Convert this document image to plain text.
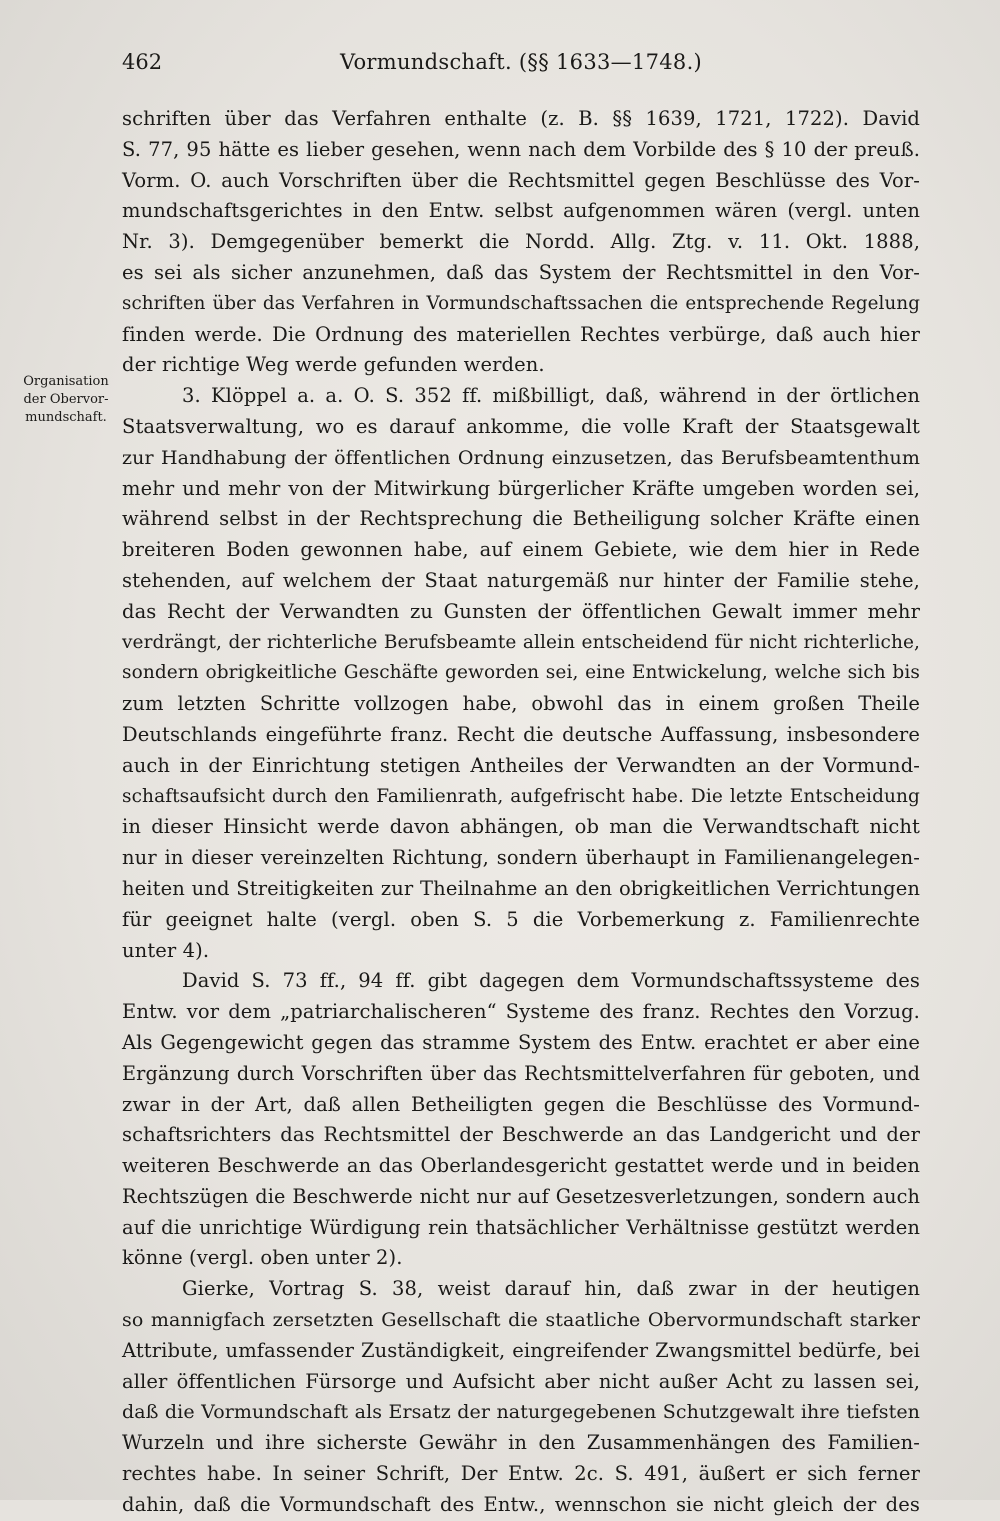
Vormundschaft. (§§ 1633—1748.)
462
Organisation
der Obervor-
mundschaft.
schriften über das Verfahren enthalte (z. B. §§ 1639, 1721, 1722). David
S. 77, 95 hätte es lieber gesehen, wenn nach dem Vorbilde des § 10 der preuß.
Vorm. O. auch Vorschriften über die Rechtsmittel gegen Beschlüsse des Vor-
mundschaftsgerichtes in den Entw. selbst aufgenommen wären (vergl. unten
Nr. 3). Demgegenüber bemerkt die Nordd. Allg. Ztg. v. 11. Okt. 1888,
es sei als sicher anzunehmen, daß das System der Rechtsmittel in den Vor-
schriften über das Verfahren in Vormundschaftssachen die entsprechende Regelung
finden werde. Die Ordnung des materiellen Rechtes verbürge, daß auch hier
der richtige Weg werde gefunden werden.
3. Klöppel a. a. O. S. 352 ff. mißbilligt, daß, während in der örtlichen
Staatsverwaltung, wo es darauf ankomme, die volle Kraft der Staatsgewalt
zur Handhabung der öffentlichen Ordnung einzusetzen, das Berufsbeamtenthum
mehr und mehr von der Mitwirkung bürgerlicher Kräfte umgeben worden sei,
während selbst in der Rechtsprechung die Betheiligung solcher Kräfte einen
breiteren Boden gewonnen habe, auf einem Gebiete, wie dem hier in Rede
stehenden, auf welchem der Staat naturgemäß nur hinter der Familie stehe,
das Recht der Verwandten zu Gunsten der öffentlichen Gewalt immer mehr
verdrängt, der richterliche Berufsbeamte allein entscheidend für nicht richterliche,
sondern obrigkeitliche Geschäfte geworden sei, eine Entwickelung, welche sich bis
zum letzten Schritte vollzogen habe, obwohl das in einem großen Theile
Deutschlands eingeführte franz. Recht die deutsche Auffassung, insbesondere
auch in der Einrichtung stetigen Antheiles der Verwandten an der Vormund-
schaftsaufsicht durch den Familienrath, aufgefrischt habe. Die letzte Entscheidung
in dieser Hinsicht werde davon abhängen, ob man die Verwandtschaft nicht
nur in dieser vereinzelten Richtung, sondern überhaupt in Familienangelegen-
heiten und Streitigkeiten zur Theilnahme an den obrigkeitlichen Verrichtungen
für geeignet halte (vergl. oben S. 5 die Vorbemerkung z. Familienrechte
unter 4).
David S. 73 ff., 94 ff. gibt dagegen dem Vormundschaftssysteme des
Entw. vor dem „patriarchalischeren“ Systeme des franz. Rechtes den Vorzug.
Als Gegengewicht gegen das stramme System des Entw. erachtet er aber eine
Ergänzung durch Vorschriften über das Rechtsmittelverfahren für geboten, und
zwar in der Art, daß allen Betheiligten gegen die Beschlüsse des Vormund-
schaftsrichters das Rechtsmittel der Beschwerde an das Landgericht und der
weiteren Beschwerde an das Oberlandesgericht gestattet werde und in beiden
Rechtszügen die Beschwerde nicht nur auf Gesetzesverletzungen, sondern auch
auf die unrichtige Würdigung rein thatsächlicher Verhältnisse gestützt werden
könne (vergl. oben unter 2).
Gierke, Vortrag S. 38, weist darauf hin, daß zwar in der heutigen
so mannigfach zersetzten Gesellschaft die staatliche Obervormundschaft starker
Attribute, umfassender Zuständigkeit, eingreifender Zwangsmittel bedürfe, bei
aller öffentlichen Fürsorge und Aufsicht aber nicht außer Acht zu lassen sei,
daß die Vormundschaft als Ersatz der naturgegebenen Schutzgewalt ihre tiefsten
Wurzeln und ihre sicherste Gewähr in den Zusammenhängen des Familien-
rechtes habe. In seiner Schrift, Der Entw. 2c. S. 491, äußert er sich ferner
dahin, daß die Vormundschaft des Entw., wennschon sie nicht gleich der des
